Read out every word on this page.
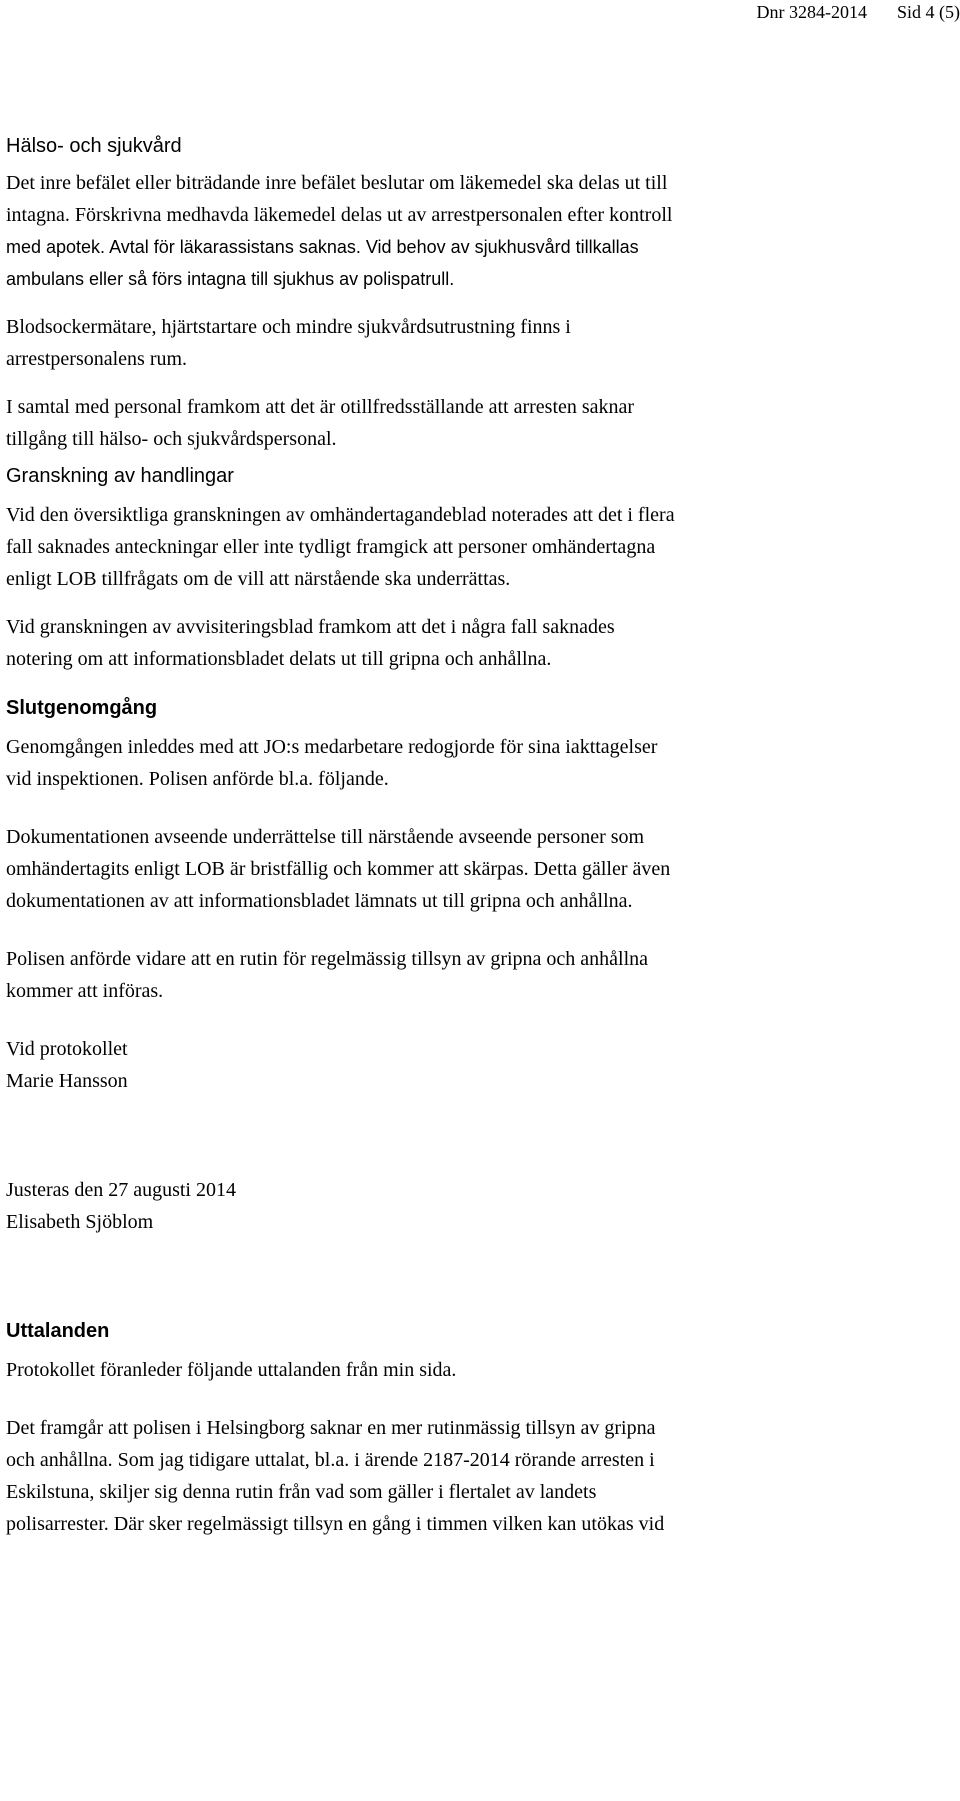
Dnr 3284-2014 Sid 4 (5)
Hälso- och sjukvård
Det inre befälet eller biträdande inre befälet beslutar om läkemedel ska delas ut till
intagna. Förskrivna medhavda läkemedel delas ut av arrestpersonalen efter kontroll
med apotek. Avtal för läkarassistans saknas. Vid behov av sjukhusvård tillkallas
ambulans eller så förs intagna till sjukhus av polispatrull.
Blodsockermätare, hjärtstartare och mindre sjukvårdsutrustning finns i
arrestpersonalens rum.
I samtal med personal framkom att det är otillfredsställande att arresten saknar
tillgång till hälso- och sjukvårdspersonal.
Granskning av handlingar
Vid den översiktliga granskningen av omhändertagandeblad noterades att det i flera
fall saknades anteckningar eller inte tydligt framgick att personer omhändertagna
enligt LOB tillfrågats om de vill att närstående ska underrättas.
Vid granskningen av avvisiteringsblad framkom att det i några fall saknades
notering om att informationsbladet delats ut till gripna och anhållna.
Slutgenomgång
Genomgången inleddes med att JO:s medarbetare redogjorde för sina iakttagelser
vid inspektionen. Polisen anförde bl.a. följande.
Dokumentationen avseende underrättelse till närstående avseende personer som
omhändertagits enligt LOB är bristfällig och kommer att skärpas. Detta gäller även
dokumentationen av att informationsbladet lämnats ut till gripna och anhållna.
Polisen anförde vidare att en rutin för regelmässig tillsyn av gripna och anhållna
kommer att införas.
Vid protokollet
Marie Hansson
Justeras den 27 augusti 2014
Elisabeth Sjöblom
Uttalanden
Protokollet föranleder följande uttalanden från min sida.
Det framgår att polisen i Helsingborg saknar en mer rutinmässig tillsyn av gripna
och anhållna. Som jag tidigare uttalat, bl.a. i ärende 2187-2014 rörande arresten i
Eskilstuna, skiljer sig denna rutin från vad som gäller i flertalet av landets
polisarrester. Där sker regelmässigt tillsyn en gång i timmen vilken kan utökas vid
